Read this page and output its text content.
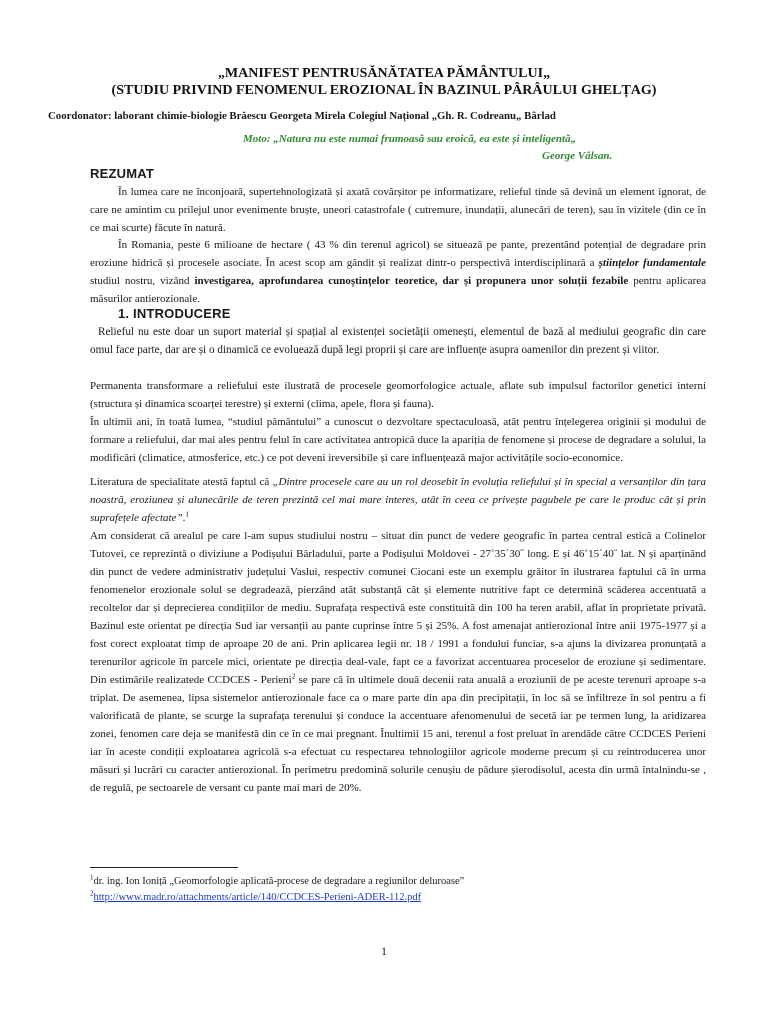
„MANIFEST PENTRUSĂNĂTATEA PĂMÂNTULUI„
(STUDIU PRIVIND FENOMENUL EROZIONAL ÎN BAZINUL PÂRÂULUI GHELȚAG)
Coordonator: laborant chimie-biologie Brăescu Georgeta Mirela Colegiul Național „Gh. R. Codreanu„ Bârlad
Moto: „Natura nu este numai frumoasă sau eroică, ea este și inteligentă„
George Vâlsan.
REZUMAT

În lumea care ne înconjoară, supertehnologizată și axată covârșitor pe informatizare, relieful tinde să devină un element ignorat, de care ne amintim cu prilejul unor evenimente bruște, uneori catastrofale ( cutremure, inundații, alunecări de teren), sau în vizitele (din ce în ce mai scurte) făcute în natură.

În Romania, peste 6 milioane de hectare ( 43 % din terenul agricol) se situează pe pante, prezentând potențial de degradare prin eroziune hidrică și procesele asociate. În acest scop am gândit și realizat dintr-o perspectivă interdisciplinară a științelor fundamentale studiul nostru, vizând investigarea, aprofundarea cunoștințelor teoretice, dar și propunera unor soluții fezabile pentru aplicarea măsurilor antierozionale.

1. INTRODUCERE

Relieful nu este doar un suport material și spațial al existenței societății omenești, elementul de bază al mediului geografic din care omul face parte, dar are și o dinamică ce evoluează după legi proprii și care are influențe asupra oamenilor din prezent și viitor.

Permanenta transformare a reliefului este ilustrată de procesele geomorfologice actuale, aflate sub impulsul factorilor genetici interni (structura și dinamica scoarței terestre) și externi (clima, apele, flora și fauna).

În ultimii ani, în toată lumea, “studiul pământului” a cunoscut o dezvoltare spectaculoasă, atât pentru înțelegerea originii și modului de formare a reliefului, dar mai ales pentru felul în care activitatea antropică duce la apariția de fenomene și procese de degradare a solului, la modificări (climatice, atmosferice, etc.) ce pot deveni ireversibile și care influențează major activitățile socio-economice.

Literatura de specialitate atestă faptul că „Dintre procesele care au un rol deosebit în evoluția reliefului și în special a versanților din țara noastră, eroziunea și alunecările de teren prezintă cel mai mare interes, atât în ceea ce privește pagubele pe care le produc cât și prin suprafețele afectate”.$^1$

Am considerat că arealul pe care l-am supus studiului nostru – situat din punct de vedere geografic în partea central estică a Colinelor Tutovei, ce reprezintă o diviziune a Podișului Bârladului, parte a Podișului Moldovei - 27˚35΄30˝ long. E și 46˚15΄40˝ lat. N și aparținând din punct de vedere administrativ județului Vaslui, respectiv comunei Ciocani este un exemplu grăitor în ilustrarea faptului că în urma fenomenelor erozionale solul se degradează, pierzând atât substanță cât și elemente nutritive fapt ce determină scăderea accentuată a recoltelor dar și deprecierea condițiilor de mediu. Suprafața respectivă este constituită din 100 ha teren arabil, aflat în proprietate privată. Bazinul este orientat pe direcția Sud iar versanții au pante cuprinse între 5 și 25%. A fost amenajat antierozional între anii 1975-1977 și a fost corect exploatat timp de aproape 20 de ani. Prin aplicarea legii nr. 18 / 1991 a fondului funciar, s-a ajuns la divizarea pronunțată a terenurilor agricole în parcele mici, orientate pe direcția deal-vale, fapt ce a favorizat accentuarea proceselor de eroziune și sedimentare. Din estimările realizatede CCDCES - Perieni$^2$ se pare că în ultimele două decenii rata anuală a eroziunii de pe aceste terenuri aproape s-a triplat. De asemenea, lipsa sistemelor antierozionale face ca o mare parte din apa din precipitații, în loc să se înfiltreze în sol pentru a fi valorificată de plante, se scurge la suprafața terenului și conduce la accentuare afenomenului de secetă iar pe termen lung, la aridizarea zonei, fenomen care deja se manifestă din ce în ce mai pregnant. Înultimii 15 ani, terenul a fost preluat în arendăde către CCDCES Perieni iar în aceste condiții exploatarea agricolă s-a efectuat cu respectarea tehnologiilor agricole moderne precum și cu reintroducerea unor măsuri și lucrări cu caracter antierozional. În perimetru predomină solurile cenușiu de pădure șierodisolul, acesta din urmă întalnindu-se , de regulă, pe sectoarele de versant cu pante mai mari de 20%.

$^1$dr. ing. Ion Ioniță „Geomorfologie aplicată-procese de degradare a regiunilor deluroase”
$^2$http://www.madr.ro/attachments/article/140/CCDCES-Perieni-ADER-112.pdf
1
